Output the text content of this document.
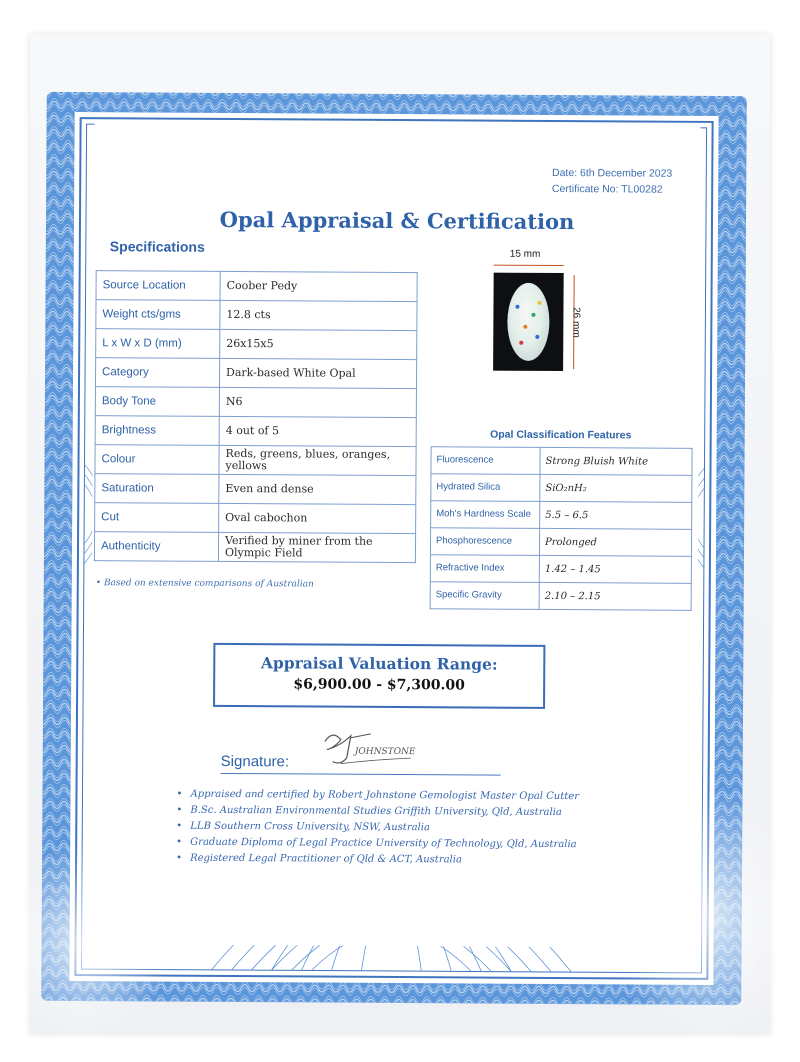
Date: 6th December 2023
Certificate No: TL00282
Opal Appraisal & Certification
Specifications
Source Location	Coober Pedy
Weight cts/gms	12.8 cts
L x W x D (mm)	26x15x5
Category	Dark-based White Opal
Body Tone	N6
Brightness	4 out of 5
Colour	Reds, greens, blues, oranges, yellows
Saturation	Even and dense
Cut	Oval cabochon
Authenticity	Verified by miner from the Olympic Field
• Based on extensive comparisons of Australian
15 mm
26 mm
Opal Classification Features
Fluorescence	Strong Bluish White
Hydrated Silica	SiO₂nH₂
Moh's Hardness Scale	5.5 – 6.5
Phosphorescence	Prolonged
Refractive Index	1.42 – 1.45
Specific Gravity	2.10 – 2.15
Appraisal Valuation Range:
$6,900.00 - $7,300.00
Signature:
JOHNSTONE
• Appraised and certified by Robert Johnstone Gemologist Master Opal Cutter
• B.Sc. Australian Environmental Studies Griffith University, Qld, Australia
• LLB Southern Cross University, NSW, Australia
• Graduate Diploma of Legal Practice University of Technology, Qld, Australia
• Registered Legal Practitioner of Qld & ACT, Australia
